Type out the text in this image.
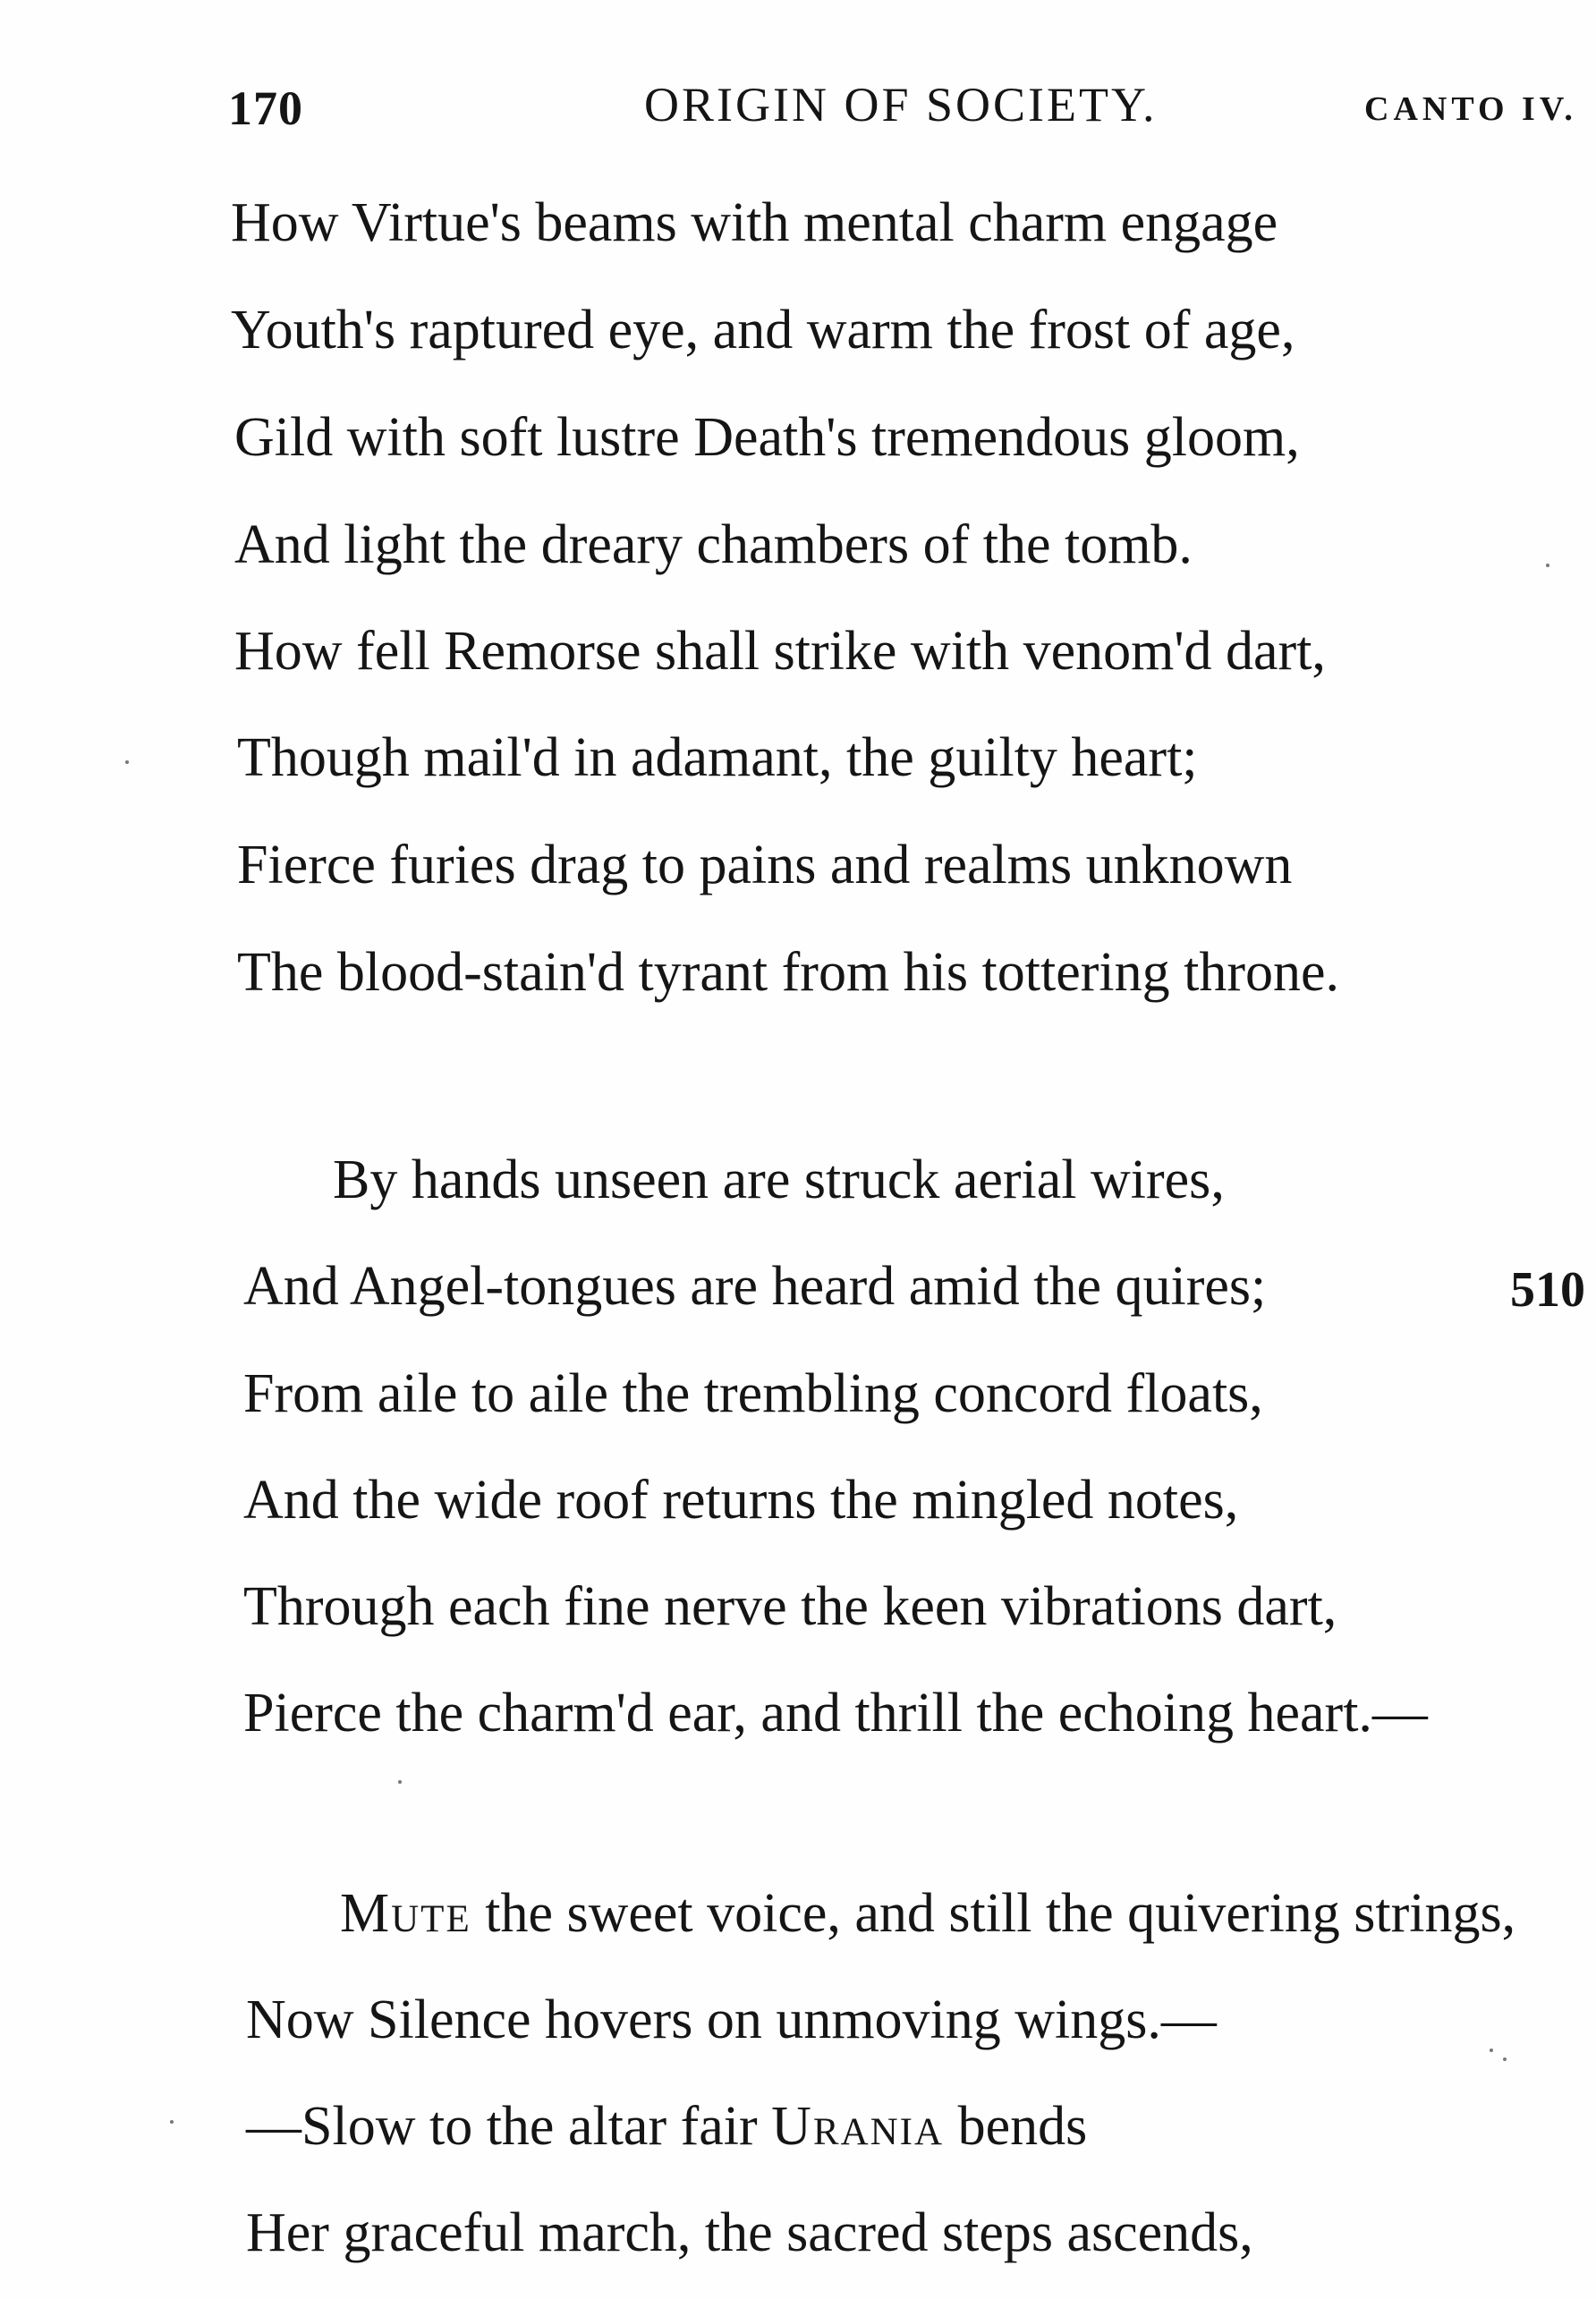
170	ORIGIN OF SOCIETY.	CANTO IV.
How Virtue's beams with mental charm engage
Youth's raptured eye, and warm the frost of age,
Gild with soft lustre Death's tremendous gloom,
And light the dreary chambers of the tomb.
How fell Remorse shall strike with venom'd dart,
Though mail'd in adamant, the guilty heart;
Fierce furies drag to pains and realms unknown
The blood-stain'd tyrant from his tottering throne.
By hands unseen are struck aerial wires,
And Angel-tongues are heard amid the quires;	510
From aile to aile the trembling concord floats,
And the wide roof returns the mingled notes,
Through each fine nerve the keen vibrations dart,
Pierce the charm'd ear, and thrill the echoing heart.—
Mute the sweet voice, and still the quivering strings,
Now Silence hovers on unmoving wings.—
—Slow to the altar fair Urania bends
Her graceful march, the sacred steps ascends,
